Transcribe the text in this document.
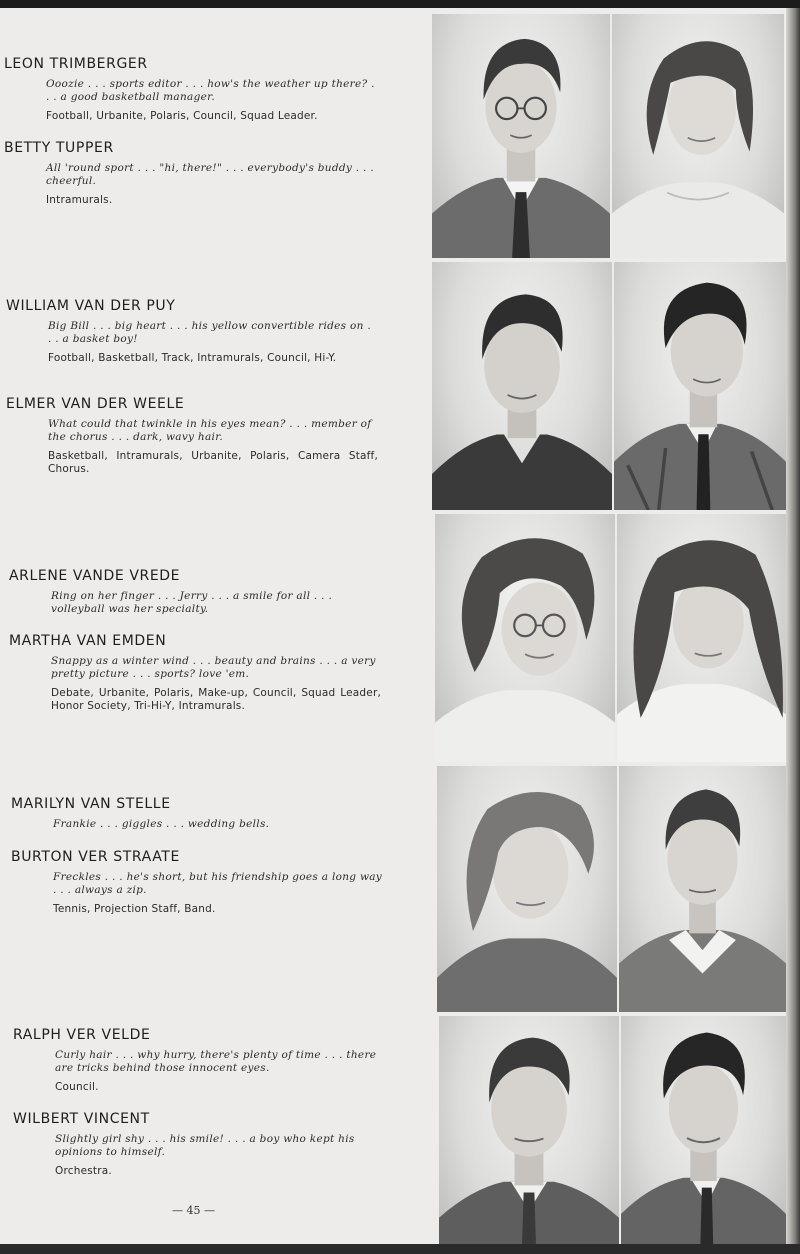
LEON TRIMBERGER
Ooozie . . . sports editor . . . how's the weather up there? . . . a good basketball manager.
Football, Urbanite, Polaris, Council, Squad Leader.
BETTY TUPPER
All 'round sport . . . "hi, there!" . . . everybody's buddy . . . cheerful.
Intramurals.
WILLIAM VAN DER PUY
Big Bill . . . big heart . . . his yellow convertible rides on . . . a basket boy!
Football, Basketball, Track, Intramurals, Council, Hi-Y.
ELMER VAN DER WEELE
What could that twinkle in his eyes mean? . . . member of the chorus . . . dark, wavy hair.
Basketball, Intramurals, Urbanite, Polaris, Camera Staff, Chorus.
ARLENE VANDE VREDE
Ring on her finger . . . Jerry . . . a smile for all . . . volleyball was her specialty.
MARTHA VAN EMDEN
Snappy as a winter wind . . . beauty and brains . . . a very pretty picture . . . sports? love 'em.
Debate, Urbanite, Polaris, Make-up, Council, Squad Leader, Honor Society, Tri-Hi-Y, Intramurals.
MARILYN VAN STELLE
Frankie . . . giggles . . . wedding bells.
BURTON VER STRAATE
Freckles . . . he's short, but his friendship goes a long way . . . always a zip.
Tennis, Projection Staff, Band.
RALPH VER VELDE
Curly hair . . . why hurry, there's plenty of time . . . there are tricks behind those innocent eyes.
Council.
WILBERT VINCENT
Slightly girl shy . . . his smile! . . . a boy who kept his opinions to himself.
Orchestra.
— 45 —
